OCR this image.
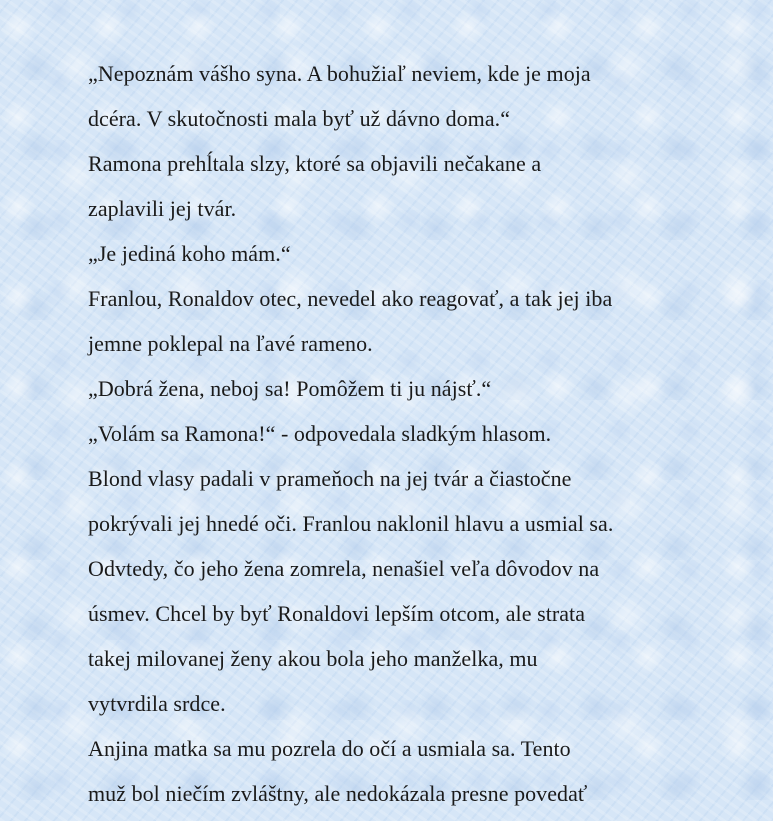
„Nepoznám vášho syna. A bohužiaľ neviem, kde je moja
dcéra. V skutočnosti mala byť už dávno doma.“
Ramona prehĺtala slzy, ktoré sa objavili nečakane a
zaplavili jej tvár.
„Je jediná koho mám.“
Franlou, Ronaldov otec, nevedel ako reagovať, a tak jej iba
jemne poklepal na ľavé rameno.
„Dobrá žena, neboj sa! Pomôžem ti ju nájsť.“
„Volám sa Ramona!“ - odpovedala sladkým hlasom.
Blond vlasy padali v prameňoch na jej tvár a čiastočne
pokrývali jej hnedé oči. Franlou naklonil hlavu a usmial sa.
Odvtedy, čo jeho žena zomrela, nenašiel veľa dôvodov na
úsmev. Chcel by byť Ronaldovi lepším otcom, ale strata
takej milovanej ženy akou bola jeho manželka, mu
vytvrdila srdce.
Anjina matka sa mu pozrela do očí a usmiala sa. Tento
muž bol niečím zvláštny, ale nedokázala presne povedať
